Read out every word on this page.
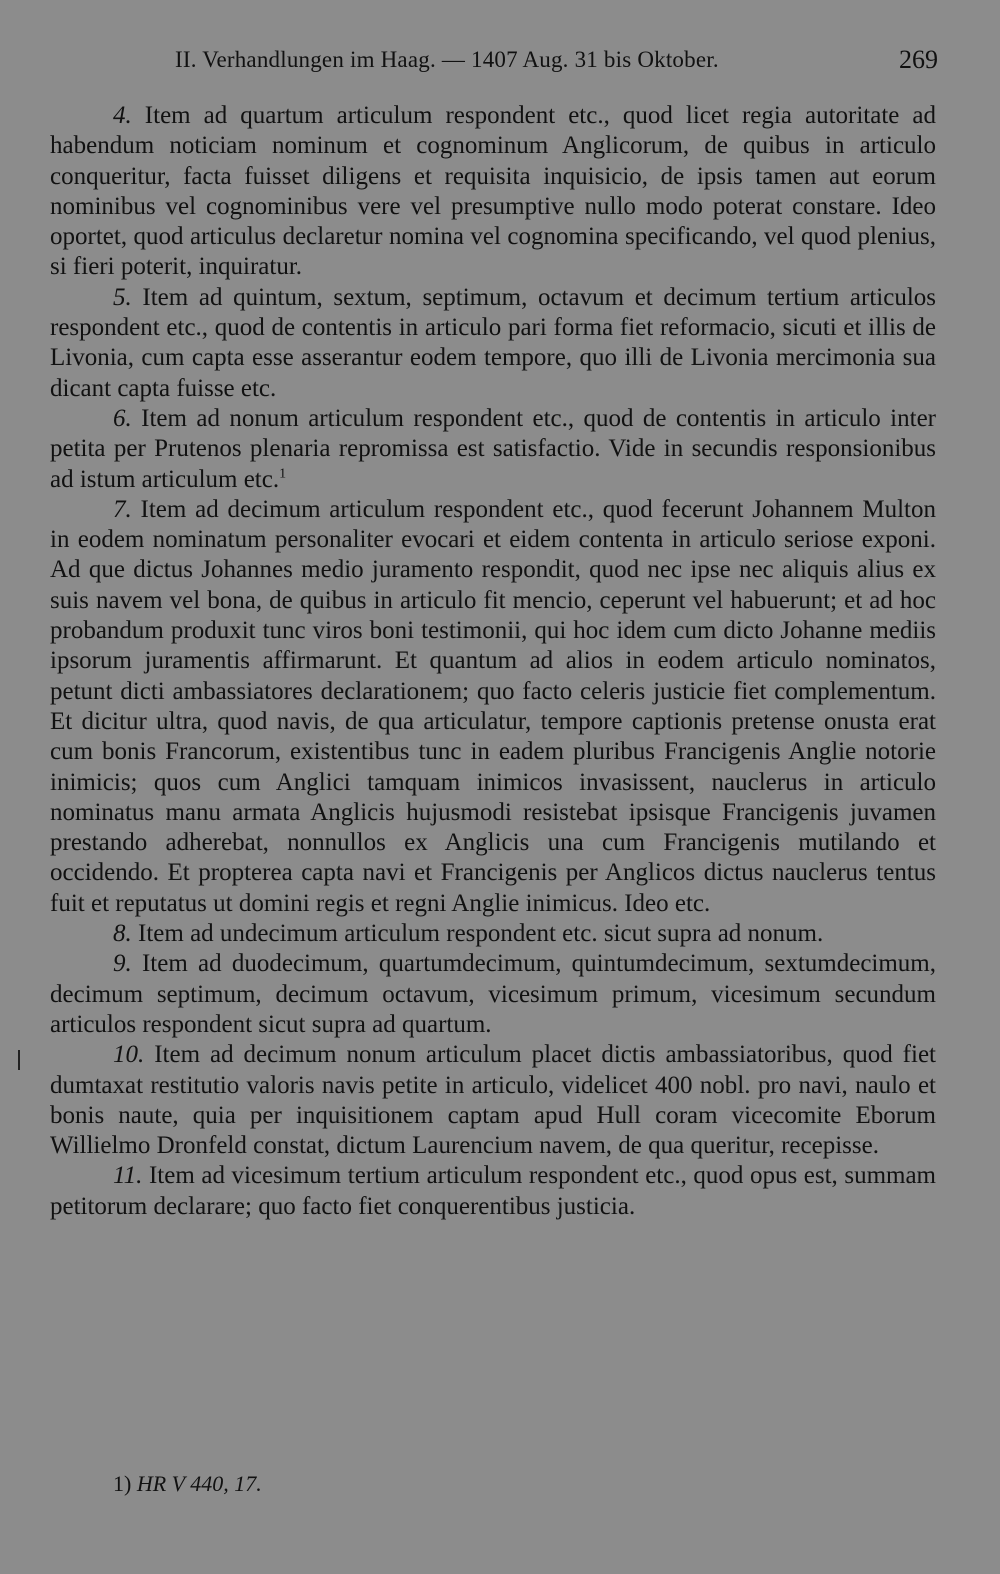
II. Verhandlungen im Haag. — 1407 Aug. 31 bis Oktober.	269

4. Item ad quartum articulum respondent etc., quod licet regia autoritate ad habendum noticiam nominum et cognominum Anglicorum, de quibus in articulo conqueritur, facta fuisset diligens et requisita inquisicio, de ipsis tamen aut eorum nominibus vel cognominibus vere vel presumptive nullo modo poterat constare. Ideo oportet, quod articulus declaretur nomina vel cognomina specificando, vel quod plenius, si fieri poterit, inquiratur.

5. Item ad quintum, sextum, septimum, octavum et decimum tertium articulos respondent etc., quod de contentis in articulo pari forma fiet reformacio, sicuti et illis de Livonia, cum capta esse asserantur eodem tempore, quo illi de Livonia mercimonia sua dicant capta fuisse etc.

6. Item ad nonum articulum respondent etc., quod de contentis in articulo inter petita per Prutenos plenaria repromissa est satisfactio. Vide in secundis responsionibus ad istum articulum etc.$^1$

7. Item ad decimum articulum respondent etc., quod fecerunt Johannem Multon in eodem nominatum personaliter evocari et eidem contenta in articulo seriose exponi. Ad que dictus Johannes medio juramento respondit, quod nec ipse nec aliquis alius ex suis navem vel bona, de quibus in articulo fit mencio, ceperunt vel habuerunt; et ad hoc probandum produxit tunc viros boni testimonii, qui hoc idem cum dicto Johanne mediis ipsorum juramentis affirmarunt. Et quantum ad alios in eodem articulo nominatos, petunt dicti ambassiatores declarationem; quo facto celeris justicie fiet complementum. Et dicitur ultra, quod navis, de qua articulatur, tempore captionis pretense onusta erat cum bonis Francorum, existentibus tunc in eadem pluribus Francigenis Anglie notorie inimicis; quos cum Anglici tamquam inimicos invasissent, nauclerus in articulo nominatus manu armata Anglicis hujusmodi resistebat ipsisque Francigenis juvamen prestando adherebat, nonnullos ex Anglicis una cum Francigenis mutilando et occidendo. Et propterea capta navi et Francigenis per Anglicos dictus nauclerus tentus fuit et reputatus ut domini regis et regni Anglie inimicus. Ideo etc.

8. Item ad undecimum articulum respondent etc. sicut supra ad nonum.

9. Item ad duodecimum, quartumdecimum, quintumdecimum, sextumdecimum, decimum septimum, decimum octavum, vicesimum primum, vicesimum secundum articulos respondent sicut supra ad quartum.

10. Item ad decimum nonum articulum placet dictis ambassiatoribus, quod fiet dumtaxat restitutio valoris navis petite in articulo, videlicet 400 nobl. pro navi, naulo et bonis naute, quia per inquisitionem captam apud Hull coram vicecomite Eborum Willielmo Dronfeld constat, dictum Laurencium navem, de qua queritur, recepisse.

11. Item ad vicesimum tertium articulum respondent etc., quod opus est, summam petitorum declarare; quo facto fiet conquerentibus justicia.

1) HR V 440, 17.
